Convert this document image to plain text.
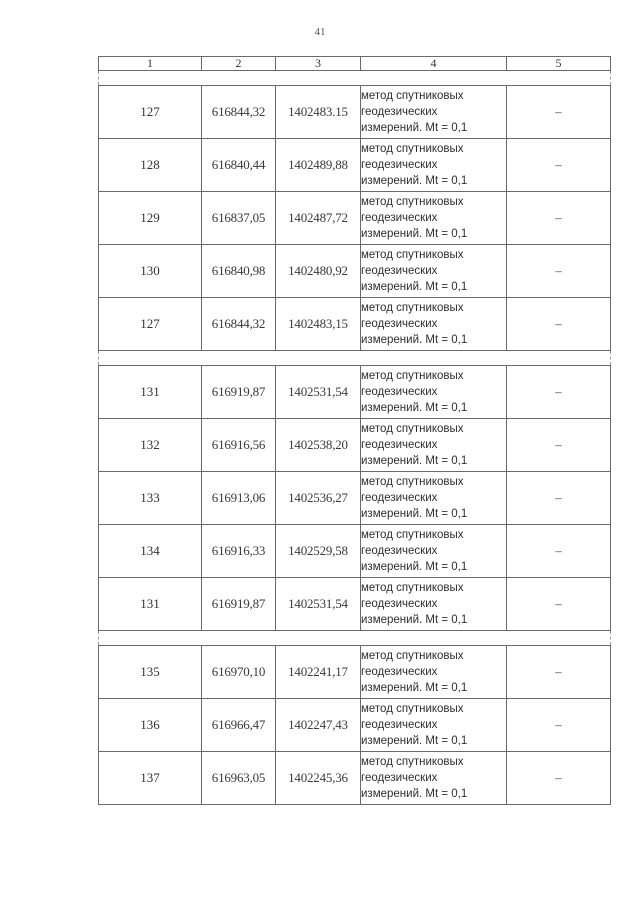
41
1	2	3	4	5

127	616844,32	1402483.15	метод спутниковых
геодезических
измерений. Mt = 0,1	–
128	616840,44	1402489,88	метод спутниковых
геодезических
измерений. Mt = 0,1	–
129	616837,05	1402487,72	метод спутниковых
геодезических
измерений. Mt = 0,1	–
130	616840,98	1402480,92	метод спутниковых
геодезических
измерений. Mt = 0,1	–
127	616844,32	1402483,15	метод спутниковых
геодезических
измерений. Mt = 0,1	–

131	616919,87	1402531,54	метод спутниковых
геодезических
измерений. Mt = 0,1	–
132	616916,56	1402538,20	метод спутниковых
геодезических
измерений. Mt = 0,1	–
133	616913,06	1402536,27	метод спутниковых
геодезических
измерений. Mt = 0,1	–
134	616916,33	1402529,58	метод спутниковых
геодезических
измерений. Mt = 0,1	–
131	616919,87	1402531,54	метод спутниковых
геодезических
измерений. Mt = 0,1	–

135	616970,10	1402241,17	метод спутниковых
геодезических
измерений. Mt = 0,1	–
136	616966,47	1402247,43	метод спутниковых
геодезических
измерений. Mt = 0,1	–
137	616963,05	1402245,36	метод спутниковых
геодезических
измерений. Mt = 0,1	–
